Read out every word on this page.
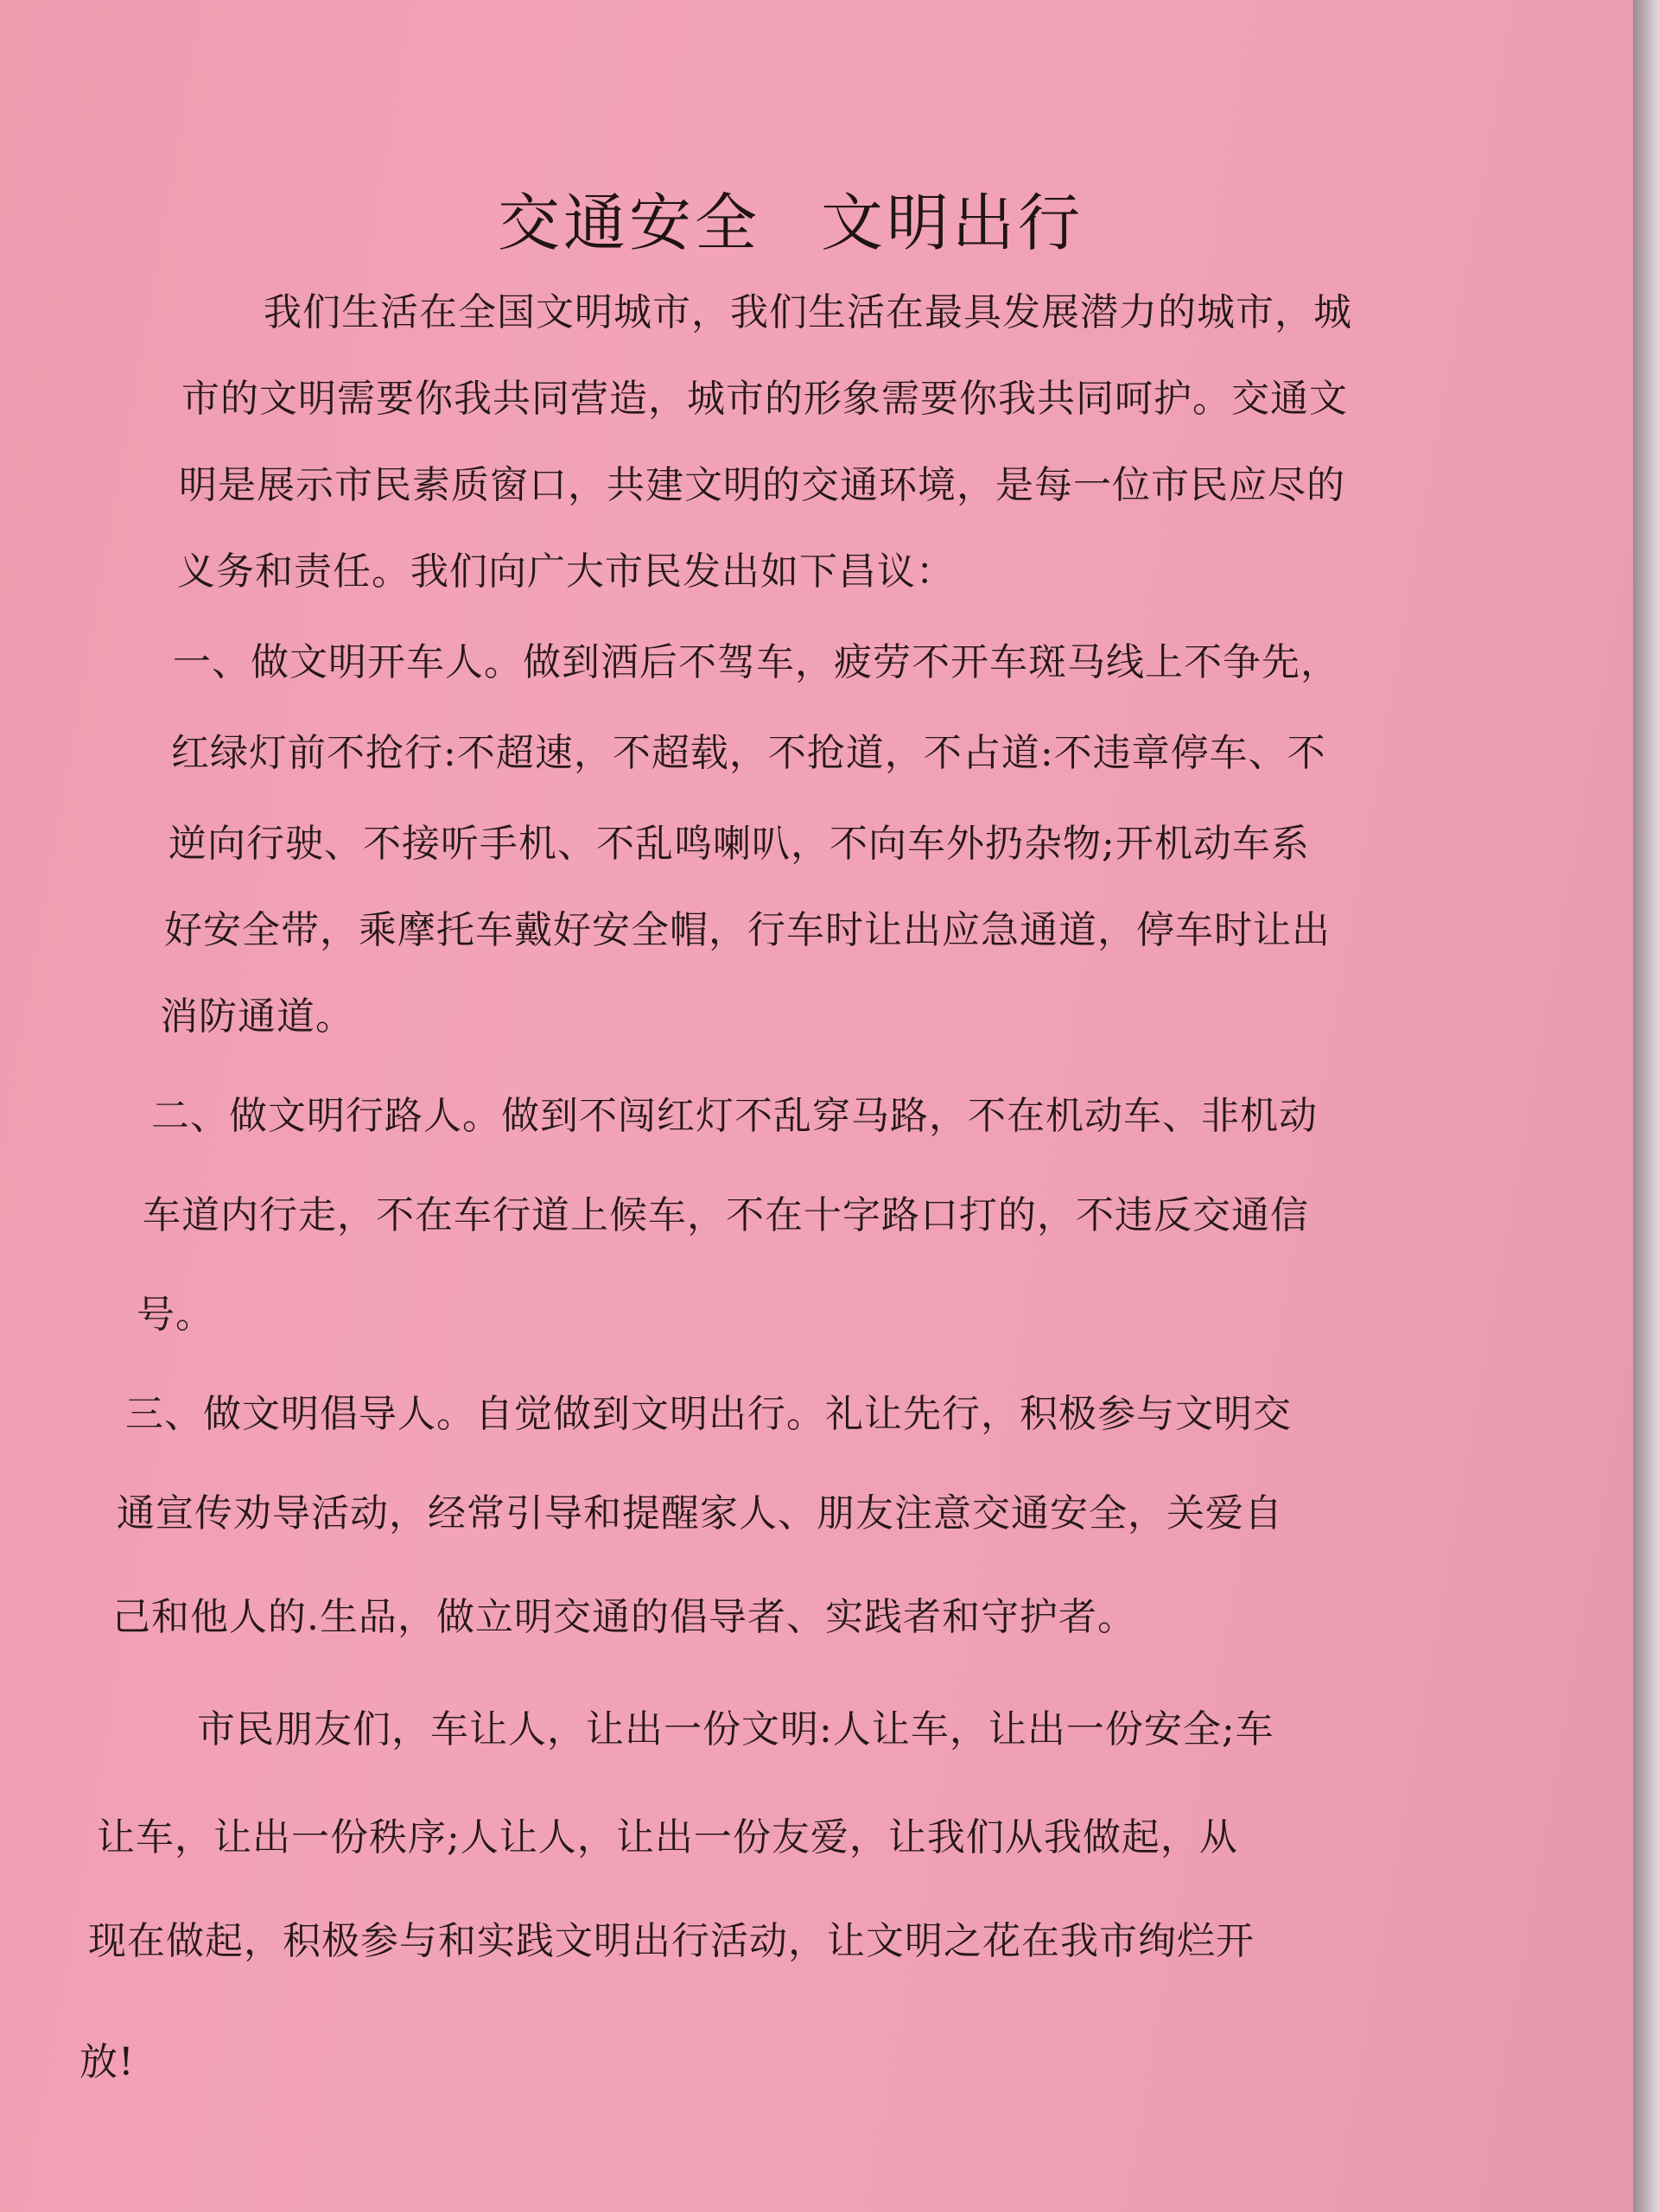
交通安全 文明出行
我们生活在全国文明城市，我们生活在最具发展潜力的城市，城
市的文明需要你我共同营造，城市的形象需要你我共同呵护。交通文
明是展示市民素质窗口，共建文明的交通环境，是每一位市民应尽的
义务和责任。我们向广大市民发出如下昌议：
一、做文明开车人。做到酒后不驾车，疲劳不开车斑马线上不争先，
红绿灯前不抢行:不超速，不超载，不抢道，不占道:不违章停车、不
逆向行驶、不接听手机、不乱鸣喇叭，不向车外扔杂物;开机动车系
好安全带，乘摩托车戴好安全帽，行车时让出应急通道，停车时让出
消防通道。
二、做文明行路人。做到不闯红灯不乱穿马路，不在机动车、非机动
车道内行走，不在车行道上候车，不在十字路口打的，不违反交通信
号。
三、做文明倡导人。自觉做到文明出行。礼让先行，积极参与文明交
通宣传劝导活动，经常引导和提醒家人、朋友注意交通安全，关爱自
己和他人的.生品，做立明交通的倡导者、实践者和守护者。
市民朋友们，车让人，让出一份文明:人让车，让出一份安全;车
让车，让出一份秩序;人让人，让出一份友爱，让我们从我做起，从
现在做起，积极参与和实践文明出行活动，让文明之花在我市绚烂开
放!
